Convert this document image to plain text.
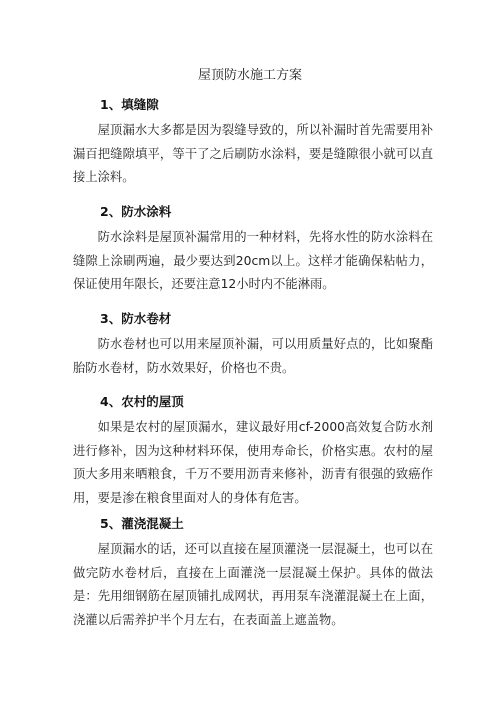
屋顶防水施工方案
1、填缝隙

屋顶漏水大多都是因为裂缝导致的，所以补漏时首先需要用补漏百把缝隙填平，等干了之后刷防水涂料，要是缝隙很小就可以直接上涂料。

2、防水涂料

防水涂料是屋顶补漏常用的一种材料，先将水性的防水涂料在缝隙上涂刷两遍，最少要达到20cm以上。这样才能确保粘帖力，保证使用年限长，还要注意12小时内不能淋雨。

3、防水卷材

防水卷材也可以用来屋顶补漏，可以用质量好点的，比如聚酯胎防水卷材，防水效果好，价格也不贵。

4、农村的屋顶

如果是农村的屋顶漏水，建议最好用cf-2000高效复合防水剂进行修补，因为这种材料环保，使用寿命长，价格实惠。农村的屋顶大多用来晒粮食，千万不要用沥青来修补，沥青有很强的致癌作用，要是渗在粮食里面对人的身体有危害。

5、灌浇混凝土

屋顶漏水的话，还可以直接在屋顶灌浇一层混凝土，也可以在做完防水卷材后，直接在上面灌浇一层混凝土保护。具体的做法是：先用细钢筋在屋顶铺扎成网状，再用泵车浇灌混凝土在上面，浇灌以后需养护半个月左右，在表面盖上遮盖物。
